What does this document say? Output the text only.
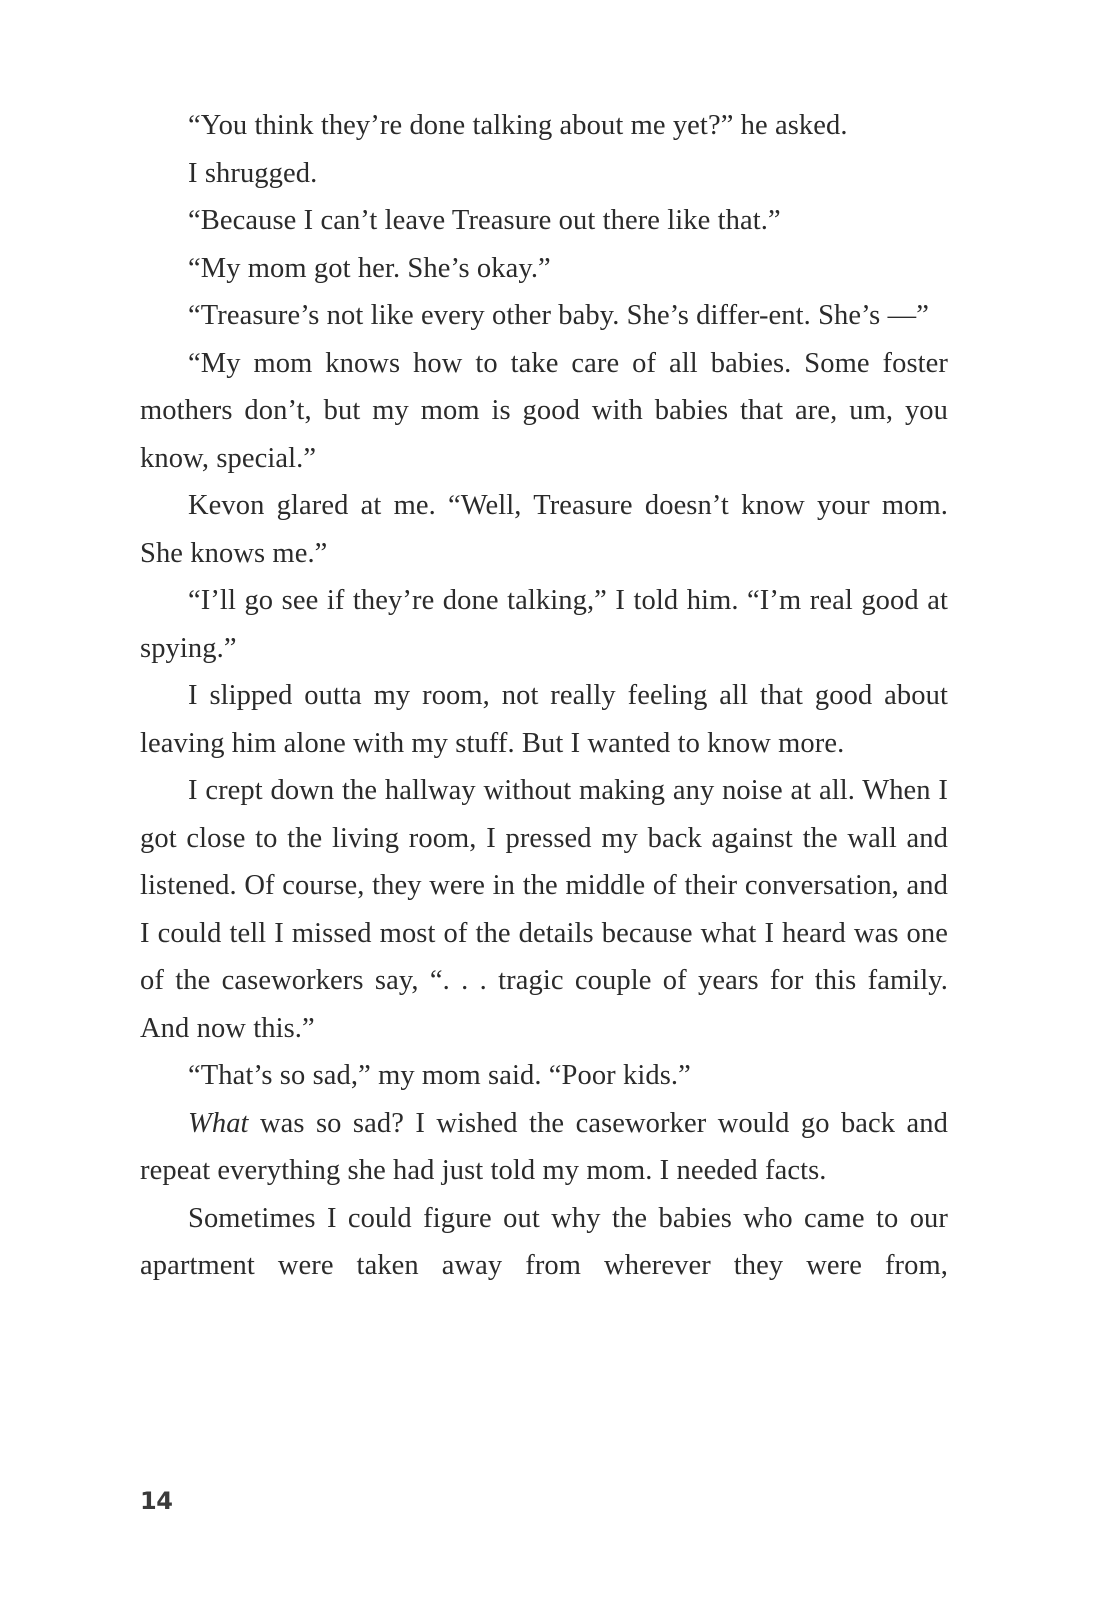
“You think they’re done talking about me yet?” he asked.

I shrugged.

“Because I can’t leave Treasure out there like that.”

“My mom got her. She’s okay.”

“Treasure’s not like every other baby. She’s differ-ent. She’s —”

“My mom knows how to take care of all babies. Some foster mothers don’t, but my mom is good with babies that are, um, you know, special.”

Kevon glared at me. “Well, Treasure doesn’t know your mom. She knows me.”

“I’ll go see if they’re done talking,” I told him. “I’m real good at spying.”

I slipped outta my room, not really feeling all that good about leaving him alone with my stuff. But I wanted to know more.

I crept down the hallway without making any noise at all. When I got close to the living room, I pressed my back against the wall and listened. Of course, they were in the middle of their conversation, and I could tell I missed most of the details because what I heard was one of the caseworkers say, “. . . tragic couple of years for this family. And now this.”

“That’s so sad,” my mom said. “Poor kids.”

What was so sad? I wished the caseworker would go back and repeat everything she had just told my mom. I needed facts.

Sometimes I could figure out why the babies who came to our apartment were taken away from wherever they were from,

14
